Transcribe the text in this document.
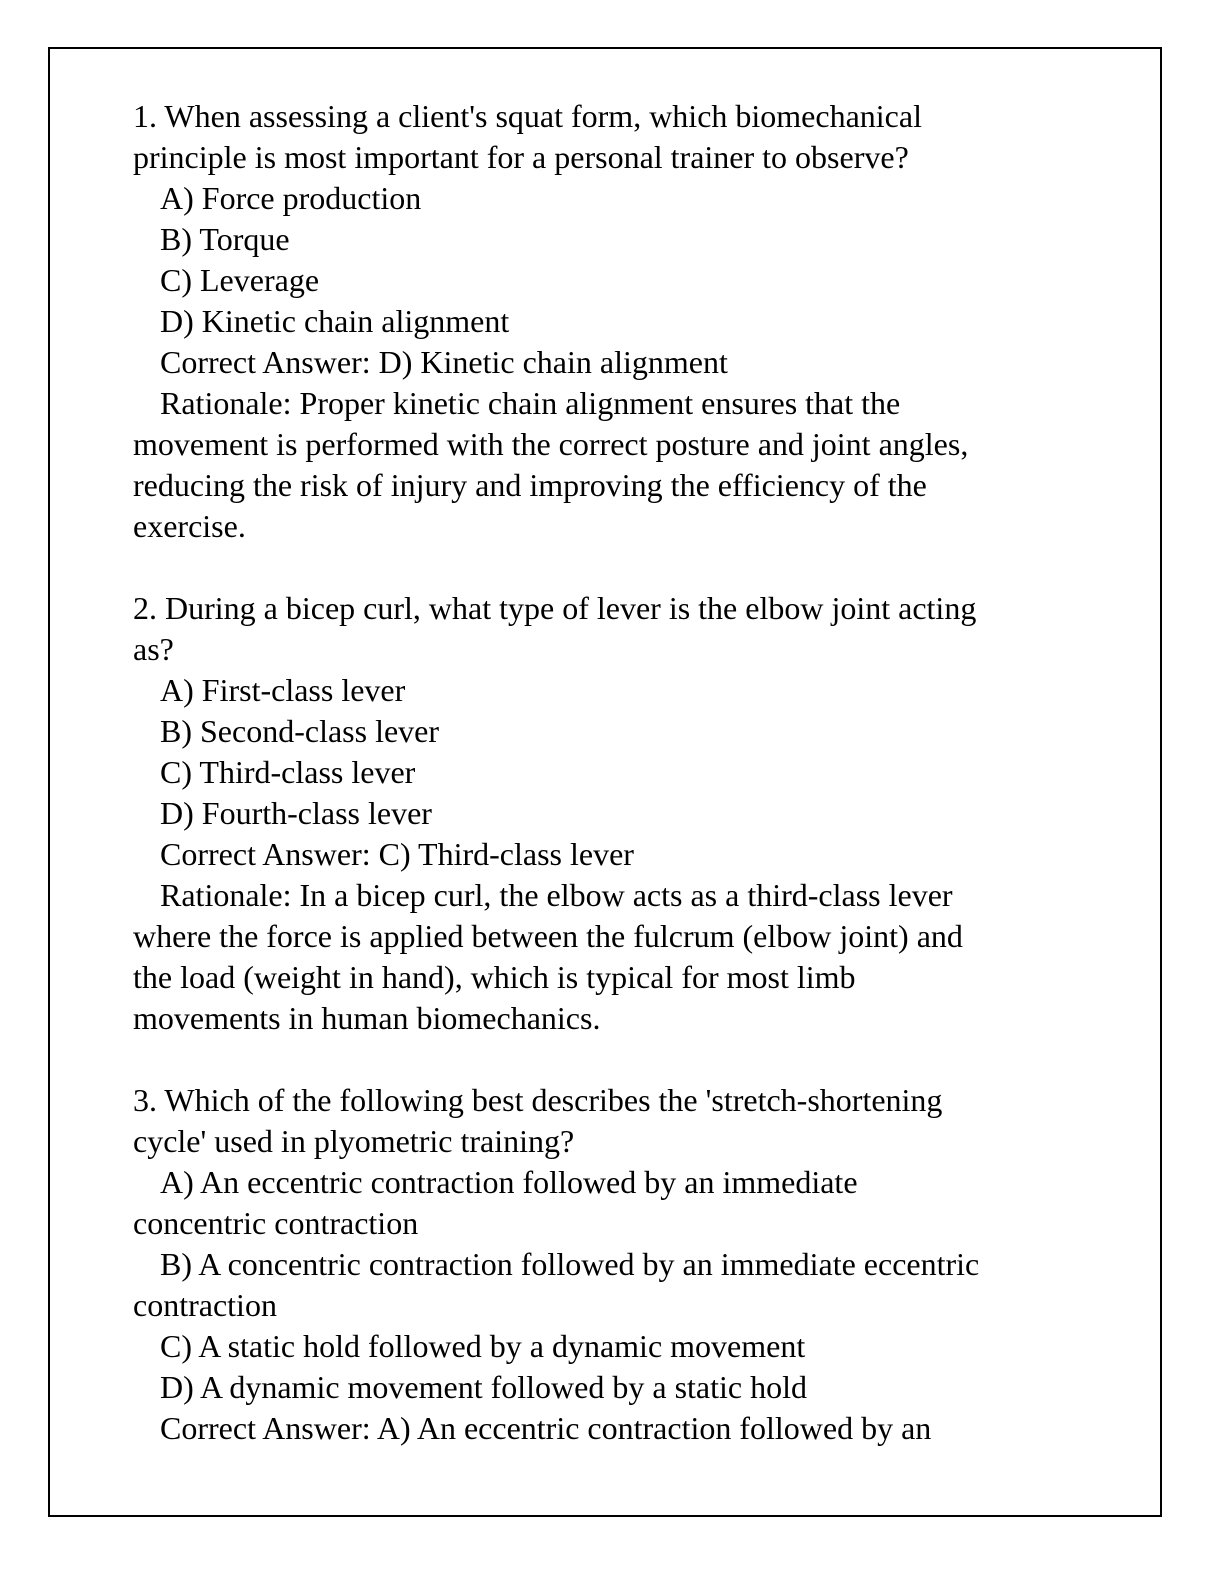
1. When assessing a client's squat form, which biomechanical
principle is most important for a personal trainer to observe?
A) Force production
B) Torque
C) Leverage
D) Kinetic chain alignment
Correct Answer: D) Kinetic chain alignment
Rationale: Proper kinetic chain alignment ensures that the
movement is performed with the correct posture and joint angles,
reducing the risk of injury and improving the efficiency of the
exercise.
2. During a bicep curl, what type of lever is the elbow joint acting
as?
A) First-class lever
B) Second-class lever
C) Third-class lever
D) Fourth-class lever
Correct Answer: C) Third-class lever
Rationale: In a bicep curl, the elbow acts as a third-class lever
where the force is applied between the fulcrum (elbow joint) and
the load (weight in hand), which is typical for most limb
movements in human biomechanics.
3. Which of the following best describes the 'stretch-shortening
cycle' used in plyometric training?
A) An eccentric contraction followed by an immediate
concentric contraction
B) A concentric contraction followed by an immediate eccentric
contraction
C) A static hold followed by a dynamic movement
D) A dynamic movement followed by a static hold
Correct Answer: A) An eccentric contraction followed by an
